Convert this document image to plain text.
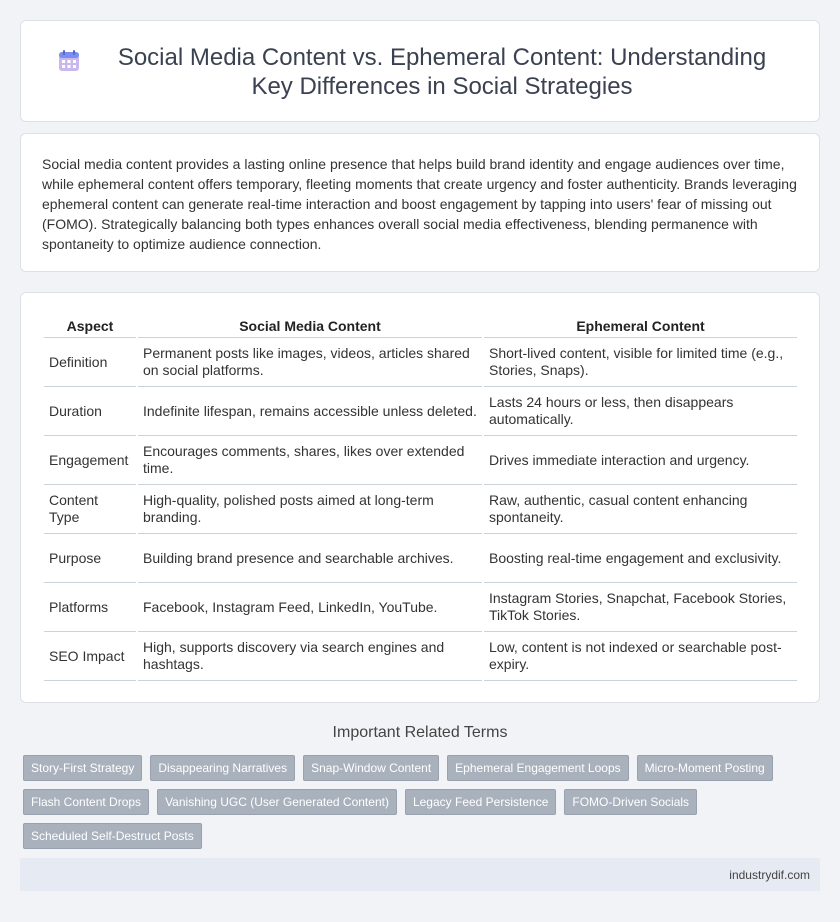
Social Media Content vs. Ephemeral Content: Understanding Key Differences in Social Strategies

Social media content provides a lasting online presence that helps build brand identity and engage audiences over time, while ephemeral content offers temporary, fleeting moments that create urgency and foster authenticity. Brands leveraging ephemeral content can generate real-time interaction and boost engagement by tapping into users' fear of missing out (FOMO). Strategically balancing both types enhances overall social media effectiveness, blending permanence with spontaneity to optimize audience connection.

Aspect	Social Media Content	Ephemeral Content
Definition	Permanent posts like images, videos, articles shared on social platforms.	Short-lived content, visible for limited time (e.g., Stories, Snaps).
Duration	Indefinite lifespan, remains accessible unless deleted.	Lasts 24 hours or less, then disappears automatically.
Engagement	Encourages comments, shares, likes over extended time.	Drives immediate interaction and urgency.
Content Type	High-quality, polished posts aimed at long-term branding.	Raw, authentic, casual content enhancing spontaneity.
Purpose	Building brand presence and searchable archives.	Boosting real-time engagement and exclusivity.
Platforms	Facebook, Instagram Feed, LinkedIn, YouTube.	Instagram Stories, Snapchat, Facebook Stories, TikTok Stories.
SEO Impact	High, supports discovery via search engines and hashtags.	Low, content is not indexed or searchable post-expiry.
Important Related Terms
Story-First Strategy	Disappearing Narratives	Snap-Window Content	Ephemeral Engagement Loops	Micro-Moment Posting
Flash Content Drops	Vanishing UGC (User Generated Content)	Legacy Feed Persistence	FOMO-Driven Socials
Scheduled Self-Destruct Posts
industrydif.com
